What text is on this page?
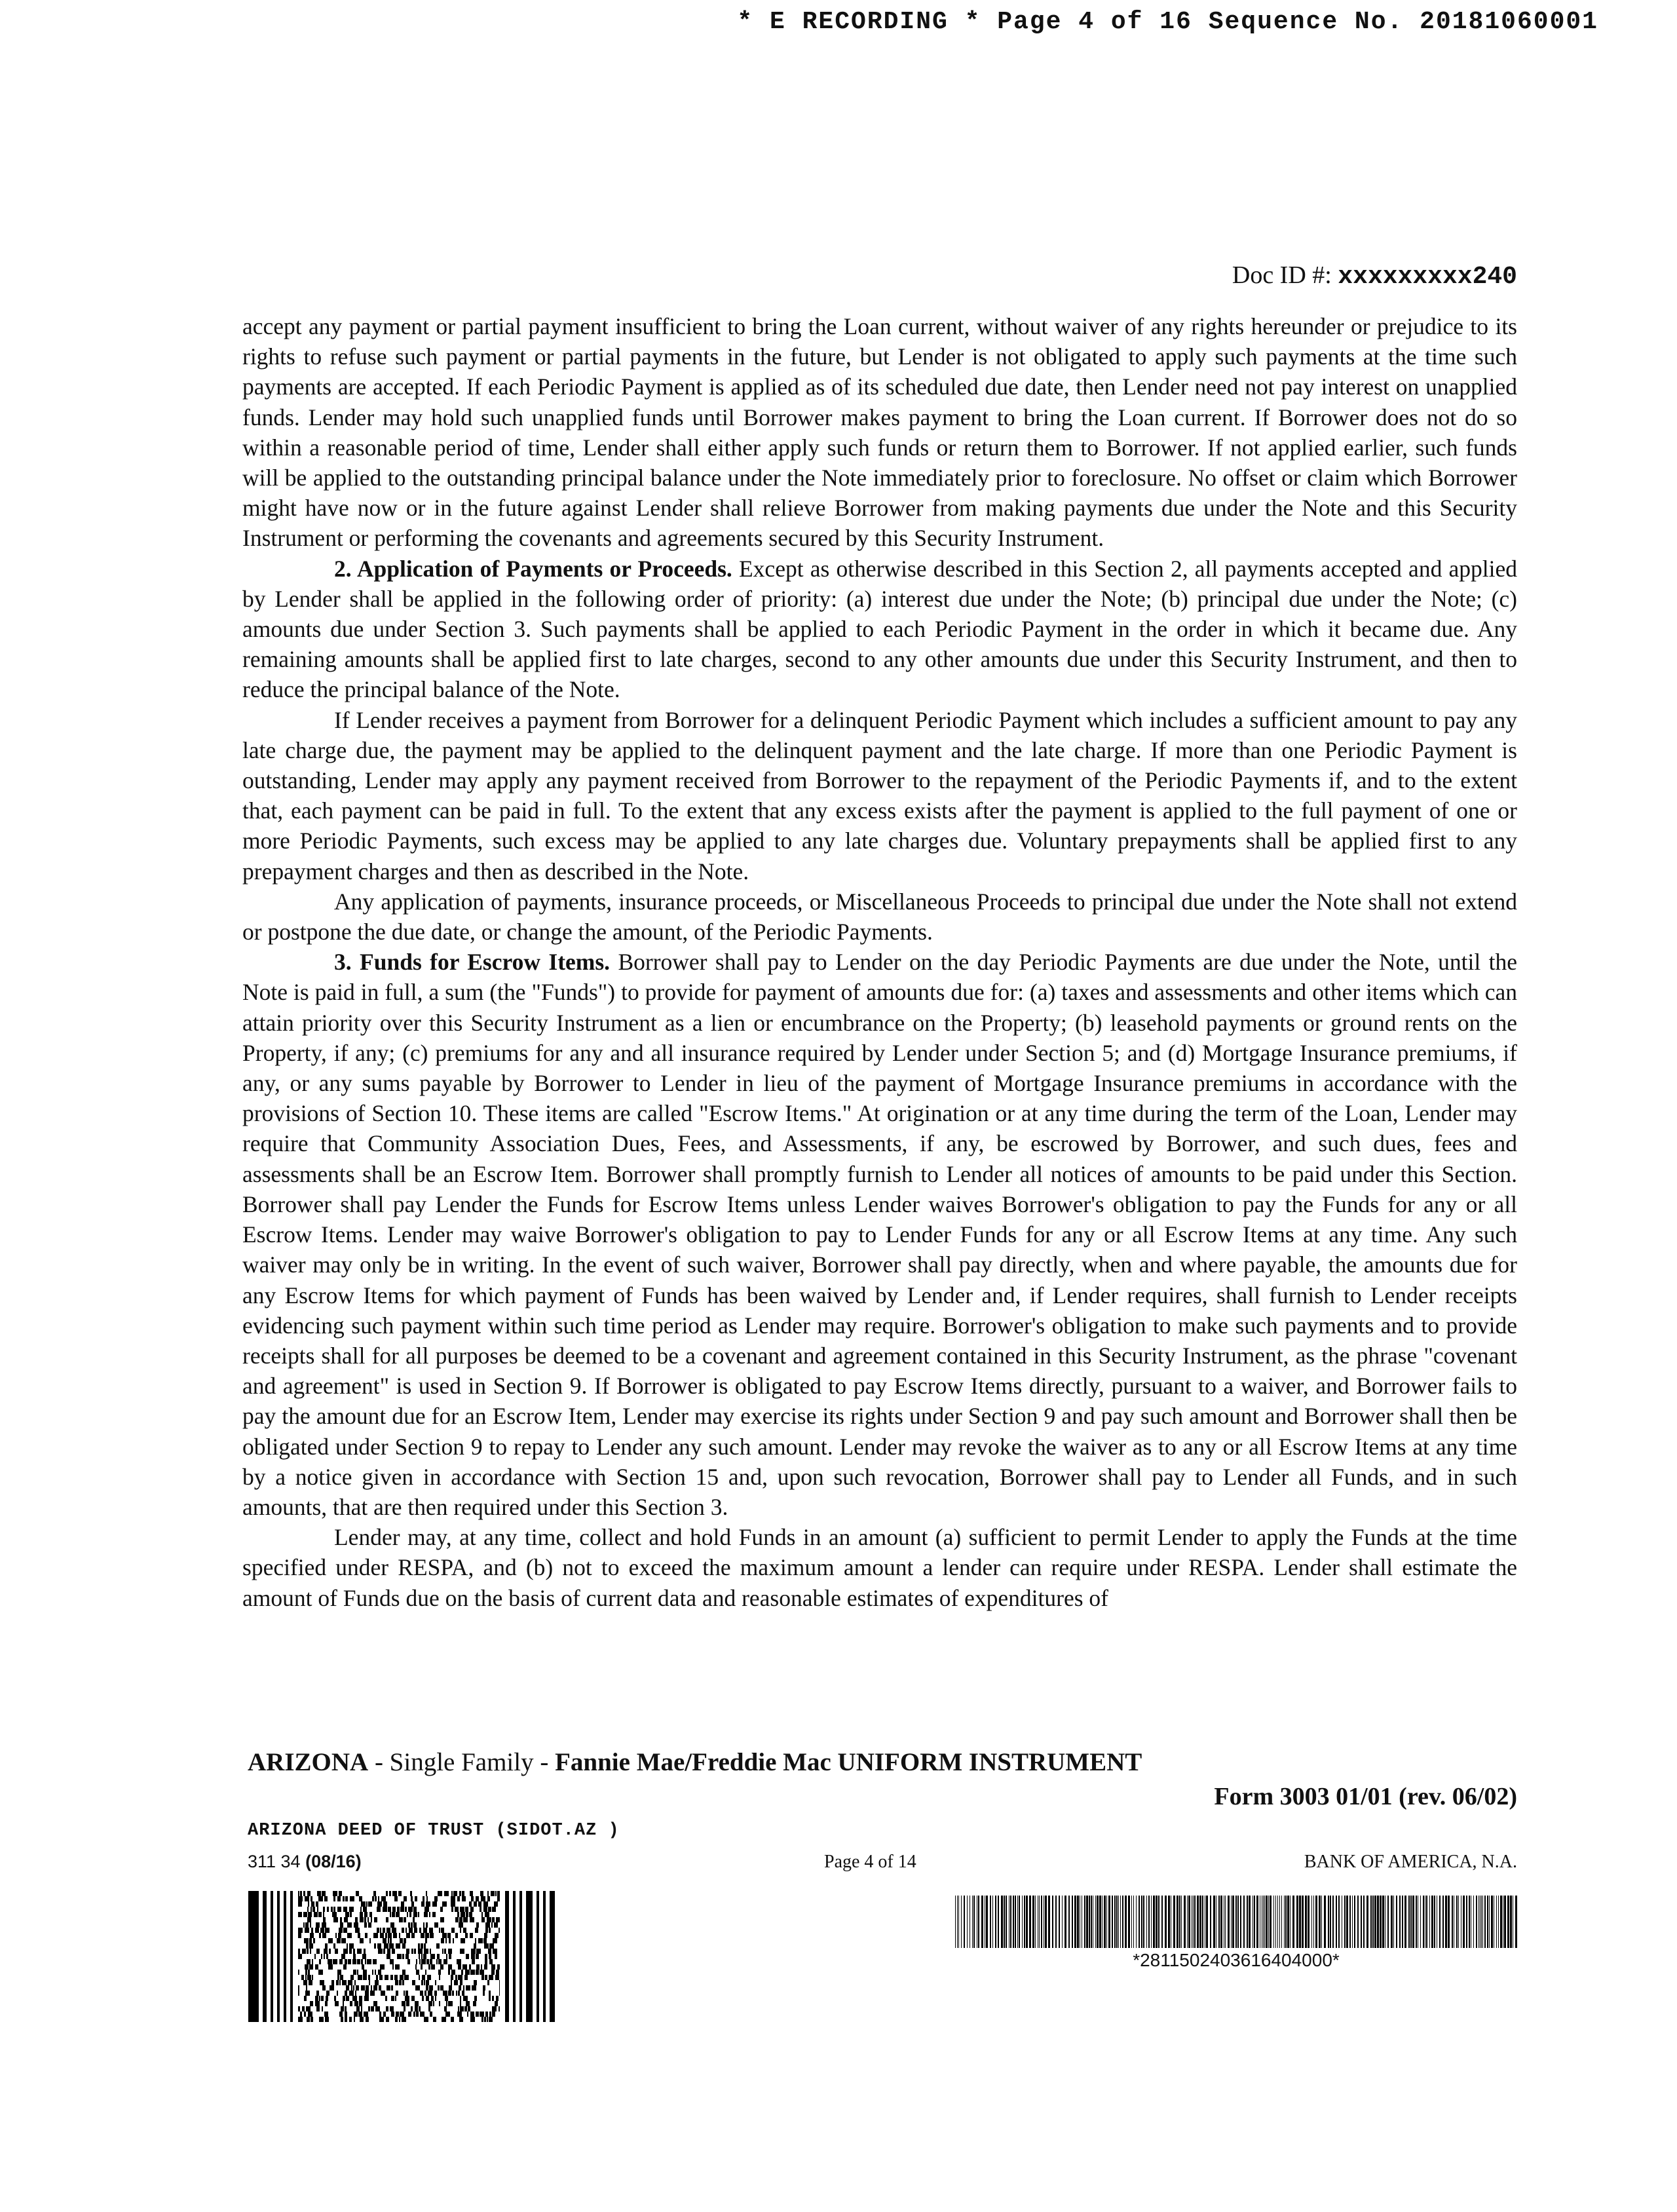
* E RECORDING * Page 4 of 16 Sequence No. 20181060001
Doc ID #: xxxxxxxxx240

accept any payment or partial payment insufficient to bring the Loan current, without waiver of any rights hereunder or prejudice to its rights to refuse such payment or partial payments in the future, but Lender is not obligated to apply such payments at the time such payments are accepted. If each Periodic Payment is applied as of its scheduled due date, then Lender need not pay interest on unapplied funds. Lender may hold such unapplied funds until Borrower makes payment to bring the Loan current. If Borrower does not do so within a reasonable period of time, Lender shall either apply such funds or return them to Borrower. If not applied earlier, such funds will be applied to the outstanding principal balance under the Note immediately prior to foreclosure. No offset or claim which Borrower might have now or in the future against Lender shall relieve Borrower from making payments due under the Note and this Security Instrument or performing the covenants and agreements secured by this Security Instrument.

2. Application of Payments or Proceeds. Except as otherwise described in this Section 2, all payments accepted and applied by Lender shall be applied in the following order of priority: (a) interest due under the Note; (b) principal due under the Note; (c) amounts due under Section 3. Such payments shall be applied to each Periodic Payment in the order in which it became due. Any remaining amounts shall be applied first to late charges, second to any other amounts due under this Security Instrument, and then to reduce the principal balance of the Note.

If Lender receives a payment from Borrower for a delinquent Periodic Payment which includes a sufficient amount to pay any late charge due, the payment may be applied to the delinquent payment and the late charge. If more than one Periodic Payment is outstanding, Lender may apply any payment received from Borrower to the repayment of the Periodic Payments if, and to the extent that, each payment can be paid in full. To the extent that any excess exists after the payment is applied to the full payment of one or more Periodic Payments, such excess may be applied to any late charges due. Voluntary prepayments shall be applied first to any prepayment charges and then as described in the Note.

Any application of payments, insurance proceeds, or Miscellaneous Proceeds to principal due under the Note shall not extend or postpone the due date, or change the amount, of the Periodic Payments.

3. Funds for Escrow Items. Borrower shall pay to Lender on the day Periodic Payments are due under the Note, until the Note is paid in full, a sum (the "Funds") to provide for payment of amounts due for: (a) taxes and assessments and other items which can attain priority over this Security Instrument as a lien or encumbrance on the Property; (b) leasehold payments or ground rents on the Property, if any; (c) premiums for any and all insurance required by Lender under Section 5; and (d) Mortgage Insurance premiums, if any, or any sums payable by Borrower to Lender in lieu of the payment of Mortgage Insurance premiums in accordance with the provisions of Section 10. These items are called "Escrow Items." At origination or at any time during the term of the Loan, Lender may require that Community Association Dues, Fees, and Assessments, if any, be escrowed by Borrower, and such dues, fees and assessments shall be an Escrow Item. Borrower shall promptly furnish to Lender all notices of amounts to be paid under this Section. Borrower shall pay Lender the Funds for Escrow Items unless Lender waives Borrower's obligation to pay the Funds for any or all Escrow Items. Lender may waive Borrower's obligation to pay to Lender Funds for any or all Escrow Items at any time. Any such waiver may only be in writing. In the event of such waiver, Borrower shall pay directly, when and where payable, the amounts due for any Escrow Items for which payment of Funds has been waived by Lender and, if Lender requires, shall furnish to Lender receipts evidencing such payment within such time period as Lender may require. Borrower's obligation to make such payments and to provide receipts shall for all purposes be deemed to be a covenant and agreement contained in this Security Instrument, as the phrase "covenant and agreement" is used in Section 9. If Borrower is obligated to pay Escrow Items directly, pursuant to a waiver, and Borrower fails to pay the amount due for an Escrow Item, Lender may exercise its rights under Section 9 and pay such amount and Borrower shall then be obligated under Section 9 to repay to Lender any such amount. Lender may revoke the waiver as to any or all Escrow Items at any time by a notice given in accordance with Section 15 and, upon such revocation, Borrower shall pay to Lender all Funds, and in such amounts, that are then required under this Section 3.

Lender may, at any time, collect and hold Funds in an amount (a) sufficient to permit Lender to apply the Funds at the time specified under RESPA, and (b) not to exceed the maximum amount a lender can require under RESPA. Lender shall estimate the amount of Funds due on the basis of current data and reasonable estimates of expenditures of

ARIZONA - Single Family - Fannie Mae/Freddie Mac UNIFORM INSTRUMENT
Form 3003 01/01 (rev. 06/02)
ARIZONA DEED OF TRUST (SIDOT.AZ )
311 34 (08/16)	Page 4 of 14	BANK OF AMERICA, N.A.
*2811502403616404000*
